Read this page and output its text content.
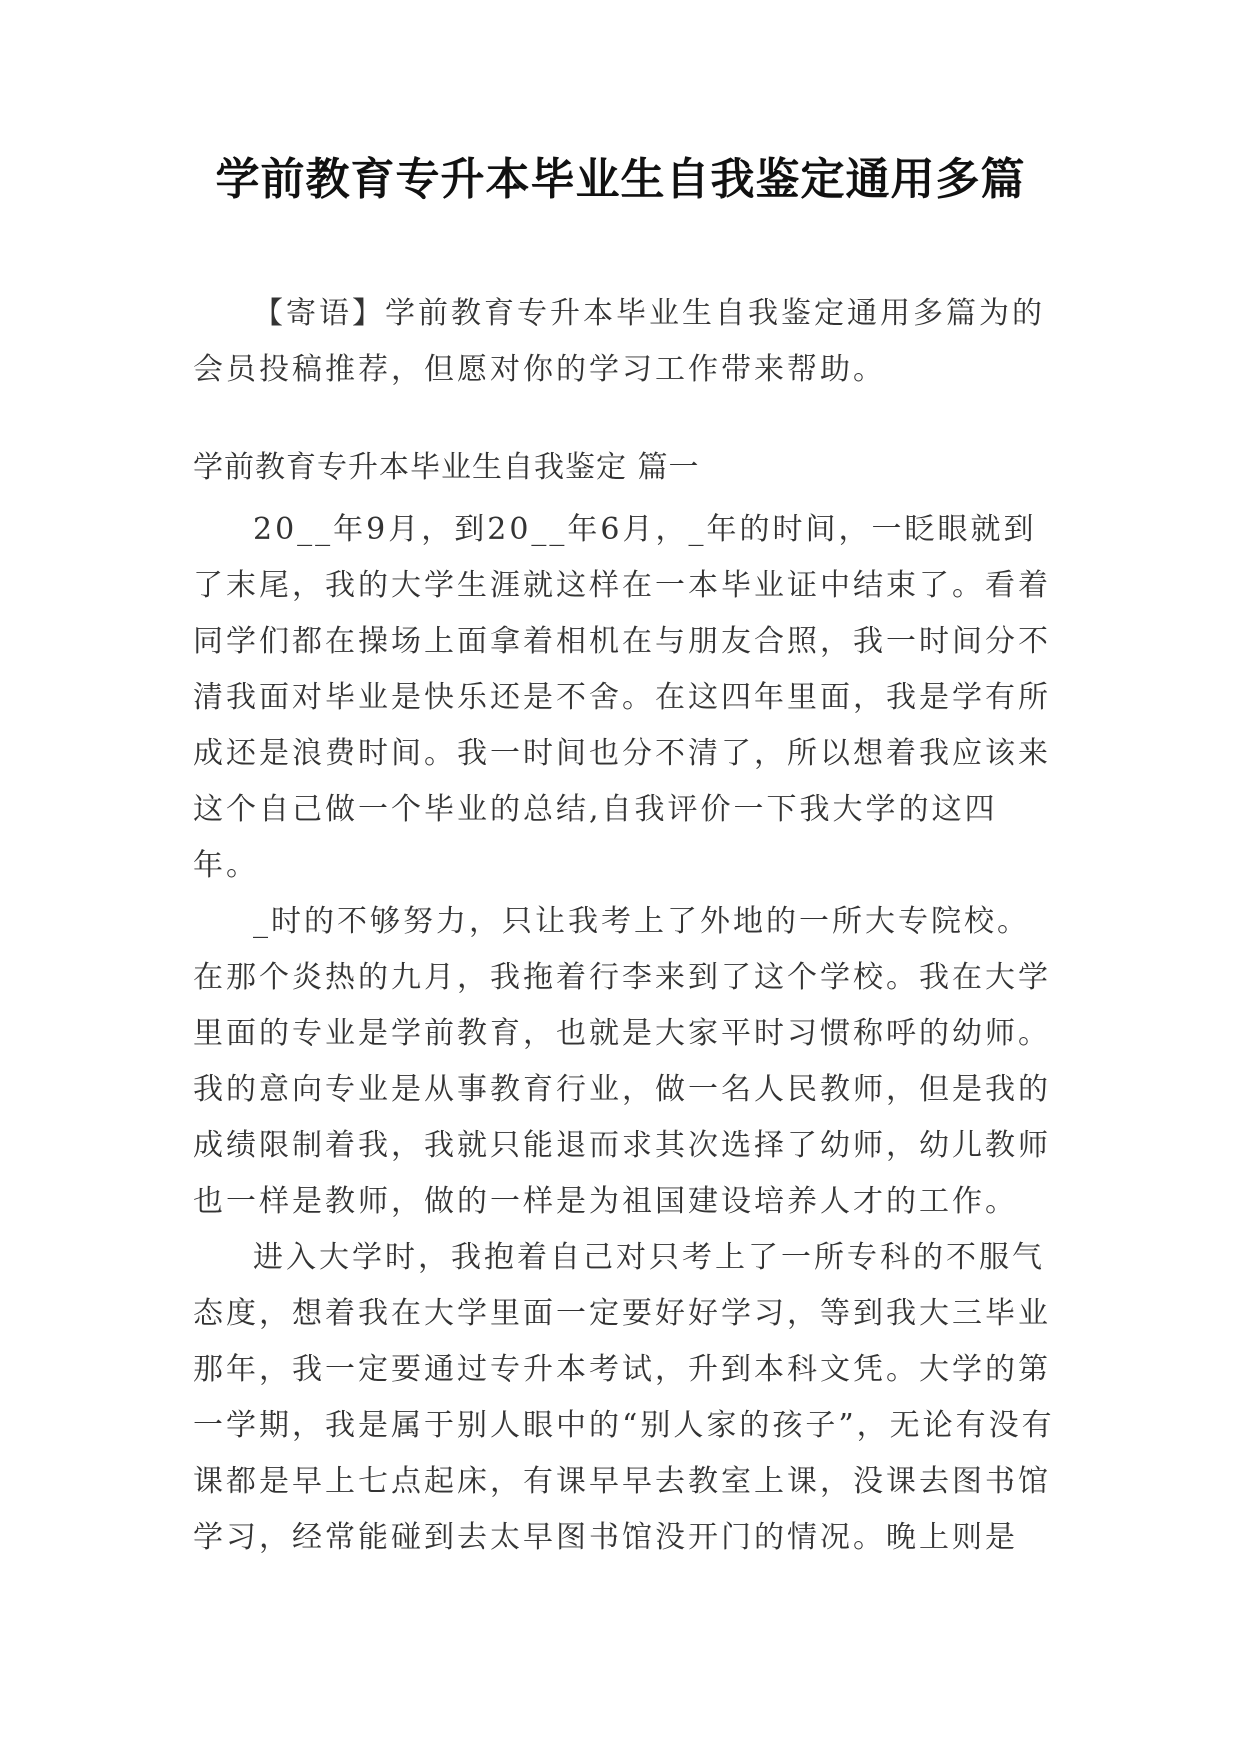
学前教育专升本毕业生自我鉴定通用多篇

【寄语】学前教育专升本毕业生自我鉴定通用多篇为的会员投稿推荐，但愿对你的学习工作带来帮助。

学前教育专升本毕业生自我鉴定 篇一

20__年9月，到20__年6月，_年的时间，一眨眼就到了末尾，我的大学生涯就这样在一本毕业证中结束了。看着同学们都在操场上面拿着相机在与朋友合照，我一时间分不清我面对毕业是快乐还是不舍。在这四年里面，我是学有所成还是浪费时间。我一时间也分不清了，所以想着我应该来这个自己做一个毕业的总结,自我评价一下我大学的这四年。

_时的不够努力，只让我考上了外地的一所大专院校。在那个炎热的九月，我拖着行李来到了这个学校。我在大学里面的专业是学前教育，也就是大家平时习惯称呼的幼师。我的意向专业是从事教育行业，做一名人民教师，但是我的成绩限制着我，我就只能退而求其次选择了幼师，幼儿教师也一样是教师，做的一样是为祖国建设培养人才的工作。

进入大学时，我抱着自己对只考上了一所专科的不服气态度，想着我在大学里面一定要好好学习，等到我大三毕业那年，我一定要通过专升本考试，升到本科文凭。大学的第一学期，我是属于别人眼中的“别人家的孩子”，无论有没有课都是早上七点起床，有课早早去教室上课，没课去图书馆学习，经常能碰到去太早图书馆没开门的情况。晚上则是
